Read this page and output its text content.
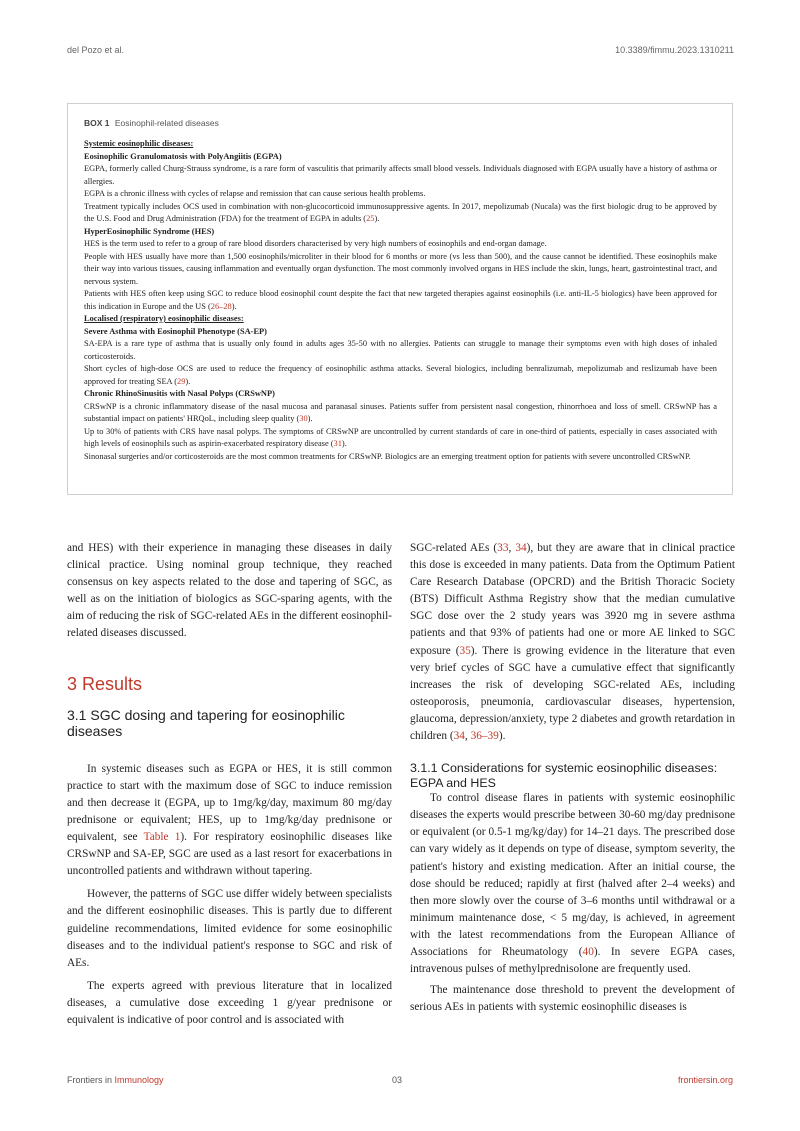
del Pozo et al.	10.3389/fimmu.2023.1310211
BOX 1 Eosinophil-related diseases

Systemic eosinophilic diseases:

Eosinophilic Granulomatosis with PolyAngiitis (EGPA)

EGPA, formerly called Churg-Strauss syndrome, is a rare form of vasculitis that primarily affects small blood vessels. Individuals diagnosed with EGPA usually have a history of asthma or allergies.

EGPA is a chronic illness with cycles of relapse and remission that can cause serious health problems.

Treatment typically includes OCS used in combination with non-glucocorticoid immunosuppressive agents. In 2017, mepolizumab (Nucala) was the first biologic drug to be approved by the U.S. Food and Drug Administration (FDA) for the treatment of EGPA in adults (25).

HyperEosinophilic Syndrome (HES)

HES is the term used to refer to a group of rare blood disorders characterised by very high numbers of eosinophils and end-organ damage.

People with HES usually have more than 1,500 eosinophils/microliter in their blood for 6 months or more (vs less than 500), and the cause cannot be identified. These eosinophils make their way into various tissues, causing inflammation and eventually organ dysfunction. The most commonly involved organs in HES include the skin, lungs, heart, gastrointestinal tract, and nervous system.

Patients with HES often keep using SGC to reduce blood eosinophil count despite the fact that new targeted therapies against eosinophils (i.e. anti-IL-5 biologics) have been approved for this indication in Europe and the US (26–28).

Localised (respiratory) eosinophilic diseases:

Severe Asthma with Eosinophil Phenotype (SA-EP)

SA-EPA is a rare type of asthma that is usually only found in adults ages 35-50 with no allergies. Patients can struggle to manage their symptoms even with high doses of inhaled corticosteroids.

Short cycles of high-dose OCS are used to reduce the frequency of eosinophilic asthma attacks. Several biologics, including benralizumab, mepolizumab and reslizumab have been approved for treating SEA (29).

Chronic RhinoSinusitis with Nasal Polyps (CRSwNP)

CRSwNP is a chronic inflammatory disease of the nasal mucosa and paranasal sinuses. Patients suffer from persistent nasal congestion, rhinorrhoea and loss of smell. CRSwNP has a substantial impact on patients' HRQoL, including sleep quality (30).

Up to 30% of patients with CRS have nasal polyps. The symptoms of CRSwNP are uncontrolled by current standards of care in one-third of patients, especially in cases associated with high levels of eosinophils such as aspirin-exacerbated respiratory disease (31).

Sinonasal surgeries and/or corticosteroids are the most common treatments for CRSwNP. Biologics are an emerging treatment option for patients with severe uncontrolled CRSwNP.

and HES) with their experience in managing these diseases in daily clinical practice. Using nominal group technique, they reached consensus on key aspects related to the dose and tapering of SGC, as well as on the initiation of biologics as SGC-sparing agents, with the aim of reducing the risk of SGC-related AEs in the different eosinophil-related diseases discussed.

3 Results
3.1 SGC dosing and tapering for eosinophilic diseases

In systemic diseases such as EGPA or HES, it is still common practice to start with the maximum dose of SGC to induce remission and then decrease it (EGPA, up to 1mg/kg/day, maximum 80 mg/day prednisone or equivalent; HES, up to 1mg/kg/day prednisone or equivalent, see Table 1). For respiratory eosinophilic diseases like CRSwNP and SA-EP, SGC are used as a last resort for exacerbations in uncontrolled patients and withdrawn without tapering.

However, the patterns of SGC use differ widely between specialists and the different eosinophilic diseases. This is partly due to different guideline recommendations, limited evidence for some eosinophilic diseases and to the individual patient's response to SGC and risk of AEs.

The experts agreed with previous literature that in localized diseases, a cumulative dose exceeding 1 g/year prednisone or equivalent is indicative of poor control and is associated with

SGC-related AEs (33, 34), but they are aware that in clinical practice this dose is exceeded in many patients. Data from the Optimum Patient Care Research Database (OPCRD) and the British Thoracic Society (BTS) Difficult Asthma Registry show that the median cumulative SGC dose over the 2 study years was 3920 mg in severe asthma patients and that 93% of patients had one or more AE linked to SGC exposure (35). There is growing evidence in the literature that even very brief cycles of SGC have a cumulative effect that significantly increases the risk of developing SGC-related AEs, including osteoporosis, pneumonia, cardiovascular diseases, hypertension, glaucoma, depression/anxiety, type 2 diabetes and growth retardation in children (34, 36–39).

3.1.1 Considerations for systemic eosinophilic diseases: EGPA and HES

To control disease flares in patients with systemic eosinophilic diseases the experts would prescribe between 30-60 mg/day prednisone or equivalent (or 0.5-1 mg/kg/day) for 14–21 days. The prescribed dose can vary widely as it depends on type of disease, symptom severity, the patient's history and existing medication. After an initial course, the dose should be reduced; rapidly at first (halved after 2–4 weeks) and then more slowly over the course of 3–6 months until withdrawal or a minimum maintenance dose, < 5 mg/day, is achieved, in agreement with the latest recommendations from the European Alliance of Associations for Rheumatology (40). In severe EGPA cases, intravenous pulses of methylprednisolone are frequently used.

The maintenance dose threshold to prevent the development of serious AEs in patients with systemic eosinophilic diseases is

Frontiers in Immunology	03	frontiersin.org
